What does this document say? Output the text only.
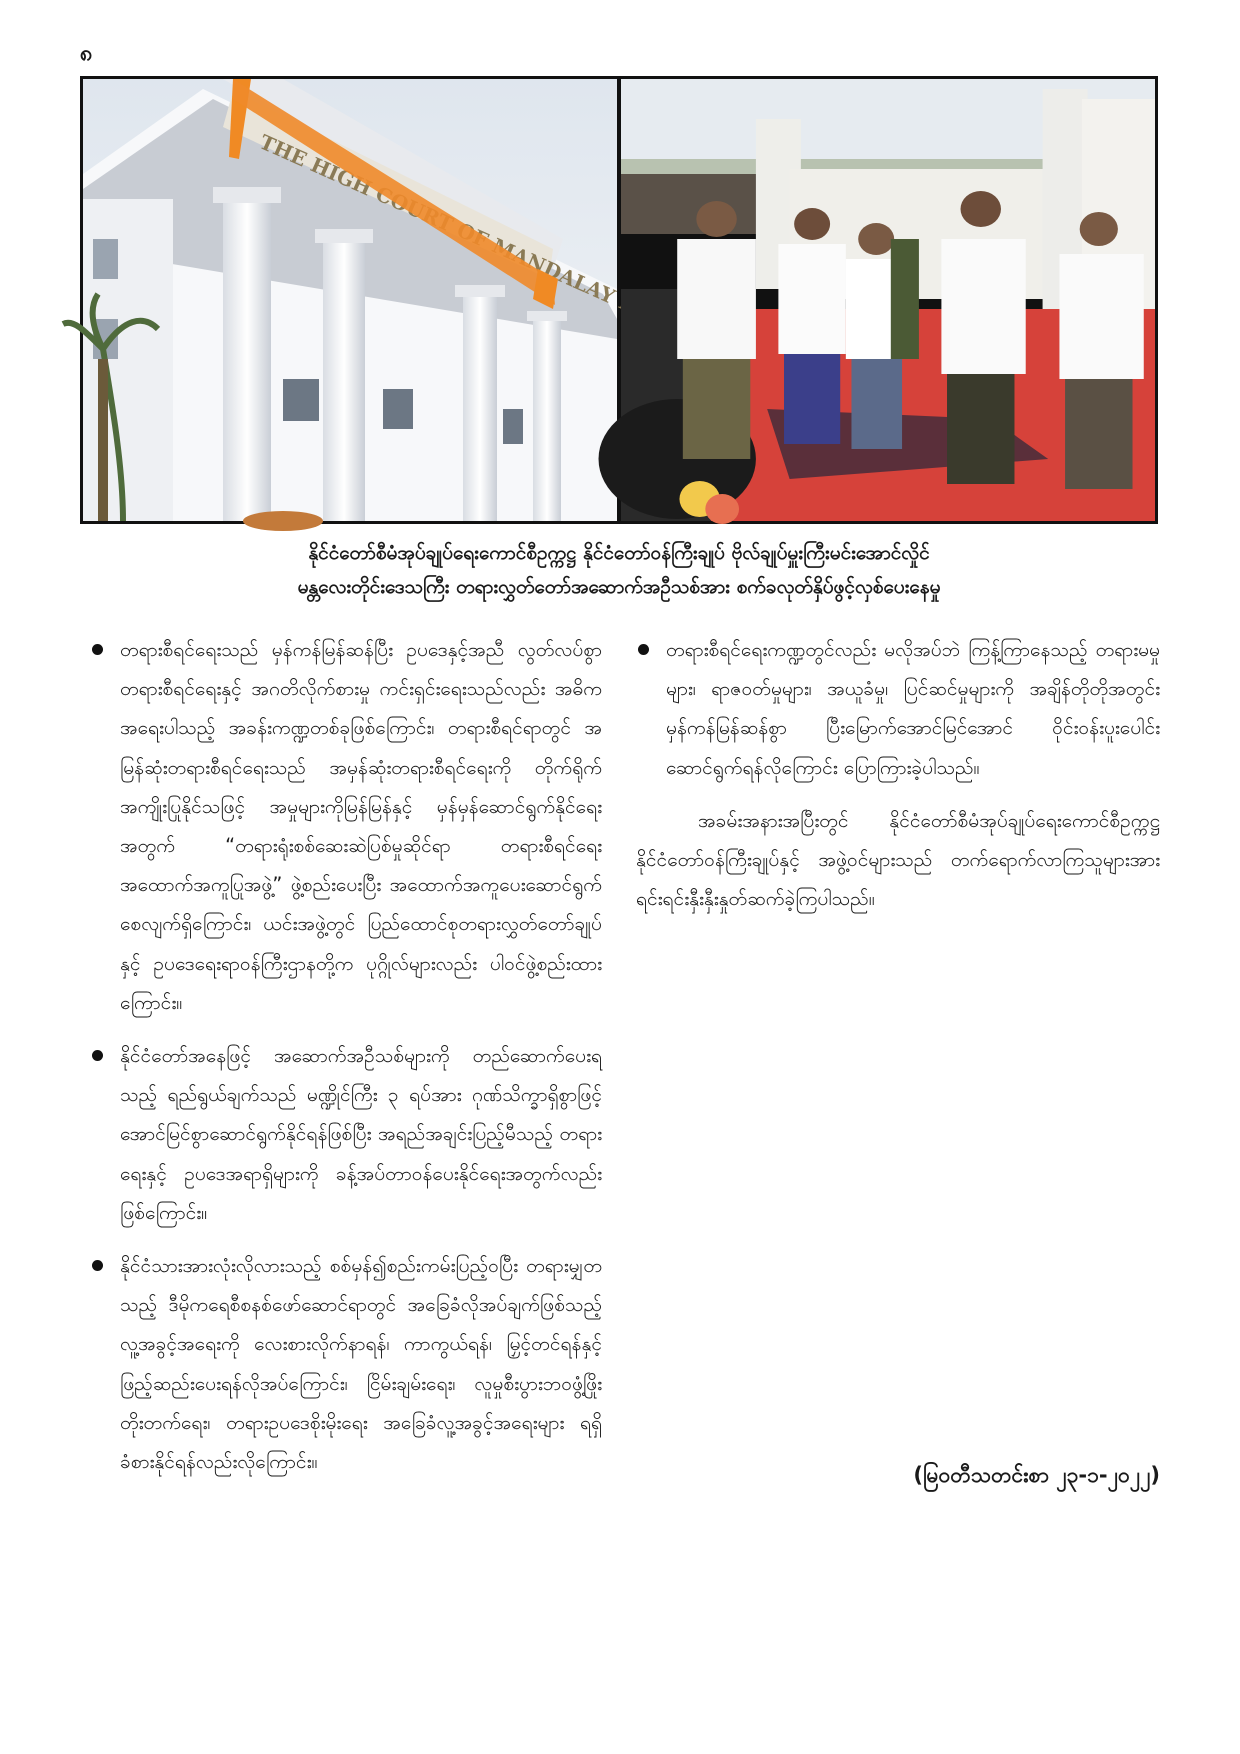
၈
THE HIGH MANDALAY
နိုင်ငံတော်စီမံအုပ်ချုပ်ရေးကောင်စီဥက္ကဋ္ဌ နိုင်ငံတော်ဝန်ကြီးချုပ် ဗိုလ်ချုပ်မှူးကြီးမင်းအောင်လှိုင်
မန္တလေးတိုင်းဒေသကြီး တရားလွှတ်တော်အဆောက်အဦသစ်အား စက်ခလုတ်နှိပ်ဖွင့်လှစ်ပေးနေမှု
တရားစီရင်ရေးသည် မှန်ကန်မြန်ဆန်ပြီး ဥပဒေနှင့်အညီ လွတ်လပ်စွာ တရားစီရင်ရေးနှင့် အဂတိလိုက်စားမှု ကင်းရှင်းရေးသည်လည်း အဓိကအရေးပါသည့် အခန်းကဏ္ဍတစ်ခုဖြစ်ကြောင်း၊ တရားစီရင်ရာတွင် အမြန်ဆုံးတရားစီရင်ရေးသည် အမှန်ဆုံးတရားစီရင်ရေးကို တိုက်ရိုက်အကျိုးပြုနိုင်သဖြင့် အမှုများကိုမြန်မြန်နှင့် မှန်မှန်ဆောင်ရွက်နိုင်ရေးအတွက် “တရားရုံးစစ်ဆေးဆဲပြစ်မှုဆိုင်ရာ တရားစီရင်ရေး အထောက်အကူပြုအဖွဲ့” ဖွဲ့စည်းပေးပြီး အထောက်အကူပေးဆောင်ရွက်စေလျက်ရှိကြောင်း၊ ယင်းအဖွဲ့တွင် ပြည်ထောင်စုတရားလွှတ်တော်ချုပ်နှင့် ဥပဒေရေးရာဝန်ကြီးဌာနတို့က ပုဂ္ဂိုလ်များလည်း ပါဝင်ဖွဲ့စည်းထားကြောင်း။
နိုင်ငံတော်အနေဖြင့် အဆောက်အဦသစ်များကို တည်ဆောက်ပေးရသည့် ရည်ရွယ်ချက်သည် မဏ္ဍိုင်ကြီး ၃ ရပ်အား ဂုဏ်သိက္ခာရှိစွာဖြင့် အောင်မြင်စွာဆောင်ရွက်နိုင်ရန်ဖြစ်ပြီး အရည်အချင်းပြည့်မီသည့် တရားရေးနှင့် ဥပဒေအရာရှိများကို ခန့်အပ်တာဝန်ပေးနိုင်ရေးအတွက်လည်း ဖြစ်ကြောင်း။
နိုင်ငံသားအားလုံးလိုလားသည့် စစ်မှန်၍စည်းကမ်းပြည့်ဝပြီး တရားမျှတသည့် ဒီမိုကရေစီစနစ်ဖော်ဆောင်ရာတွင် အခြေခံလိုအပ်ချက်ဖြစ်သည့် လူ့အခွင့်အရေးကို လေးစားလိုက်နာရန်၊ ကာကွယ်ရန်၊ မြှင့်တင်ရန်နှင့် ဖြည့်ဆည်းပေးရန်လိုအပ်ကြောင်း၊ ငြိမ်းချမ်းရေး၊ လူမှုစီးပွားဘဝဖွံ့ဖြိုးတိုးတက်ရေး၊ တရားဥပဒေစိုးမိုးရေး အခြေခံလူ့အခွင့်အရေးများ ရရှိခံစားနိုင်ရန်လည်းလိုကြောင်း။
တရားစီရင်ရေးကဏ္ဍတွင်လည်း မလိုအပ်ဘဲ ကြန့်ကြာနေသည့် တရားမမှုများ၊ ရာဇဝတ်မှုများ၊ အယူခံမှု၊ ပြင်ဆင်မှုများကို အချိန်တိုတိုအတွင်း မှန်ကန်မြန်ဆန်စွာ ပြီးမြောက်အောင်မြင်အောင် ဝိုင်းဝန်းပူးပေါင်းဆောင်ရွက်ရန်လိုကြောင်း ပြောကြားခဲ့ပါသည်။

အခမ်းအနားအပြီးတွင် နိုင်ငံတော်စီမံအုပ်ချုပ်ရေးကောင်စီဥက္ကဋ္ဌ နိုင်ငံတော်ဝန်ကြီးချုပ်နှင့် အဖွဲ့ဝင်များသည် တက်ရောက်လာကြသူများအား ရင်းရင်းနှီးနှီးနှုတ်ဆက်ခဲ့ကြပါသည်။

(မြဝတီသတင်းစာ ၂၃-၁-၂၀၂၂)
